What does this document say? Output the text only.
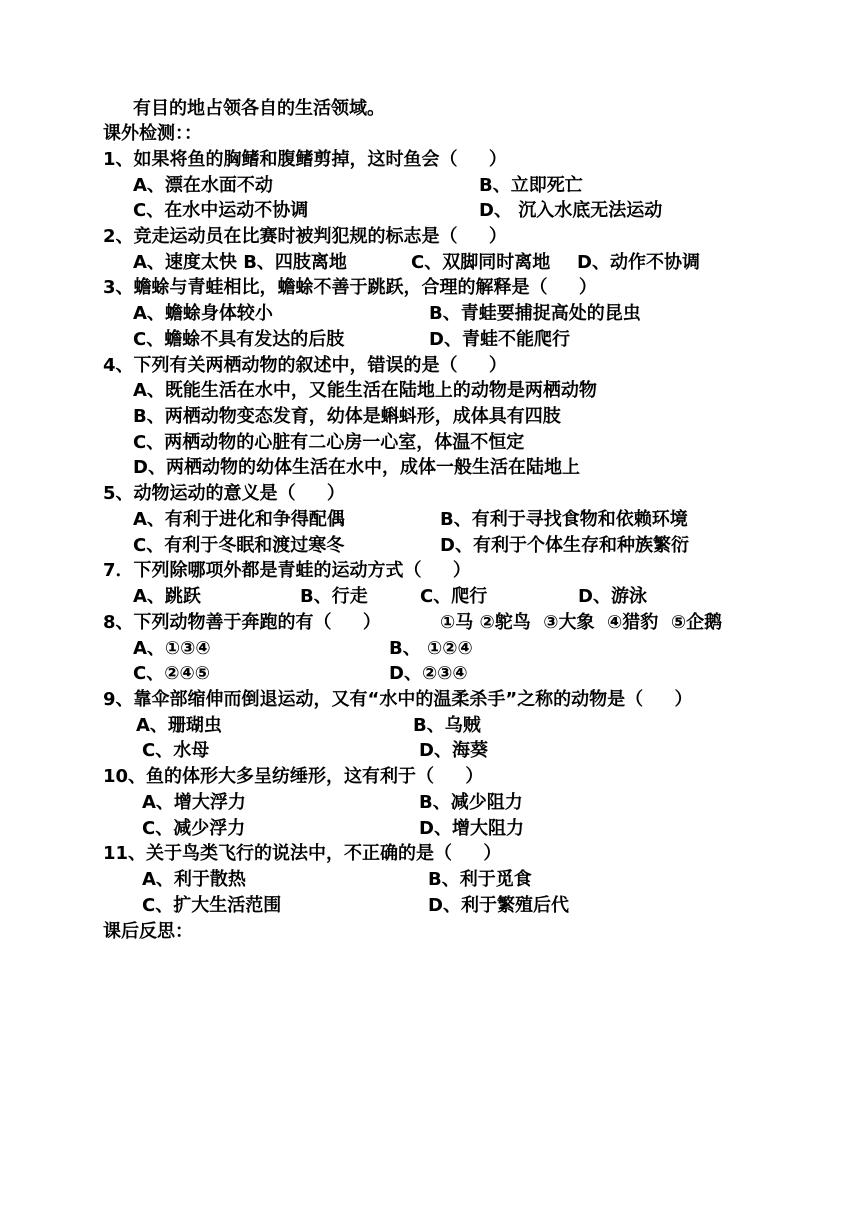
有目的地占领各自的生活领域。
课外检测：：
1、如果将鱼的胸鳍和腹鳍剪掉，这时鱼会（     ）
A、漂在水面不动	B、立即死亡
C、在水中运动不协调	D、 沉入水底无法运动
2、竞走运动员在比赛时被判犯规的标志是（     ）
A、速度太快 B、四肢离地	C、双脚同时离地 D、动作不协调
3、蟾蜍与青蛙相比，蟾蜍不善于跳跃，合理的解释是（     ）
A、蟾蜍身体较小	B、青蛙要捕捉高处的昆虫
C、蟾蜍不具有发达的后肢	D、青蛙不能爬行
4、下列有关两栖动物的叙述中，错误的是（     ）
A、既能生活在水中，又能生活在陆地上的动物是两栖动物
B、两栖动物变态发育，幼体是蝌蚪形，成体具有四肢
C、两栖动物的心脏有二心房一心室，体温不恒定
D、两栖动物的幼体生活在水中，成体一般生活在陆地上
5、动物运动的意义是（     ）
A、有利于进化和争得配偶	B、有利于寻找食物和依赖环境
C、有利于冬眠和渡过寒冬	D、有利于个体生存和种族繁衍
7．下列除哪项外都是青蛙的运动方式（     ）
A、跳跃	B、行走	C、爬行	D、游泳
8、下列动物善于奔跑的有（     ）	①马 ②鸵鸟  ③大象  ④猎豹  ⑤企鹅
A、①③④	B、 ①②④
C、②④⑤	D、②③④
9、靠伞部缩伸而倒退运动，又有“水中的温柔杀手”之称的动物是（     ）
A、珊瑚虫	B、乌贼
C、水母	D、海葵
10、鱼的体形大多呈纺缍形，这有利于（     ）
A、增大浮力	B、减少阻力
C、减少浮力	D、增大阻力
11、关于鸟类飞行的说法中，不正确的是（     ）
A、利于散热	B、利于觅食
C、扩大生活范围	D、利于繁殖后代
课后反思：
